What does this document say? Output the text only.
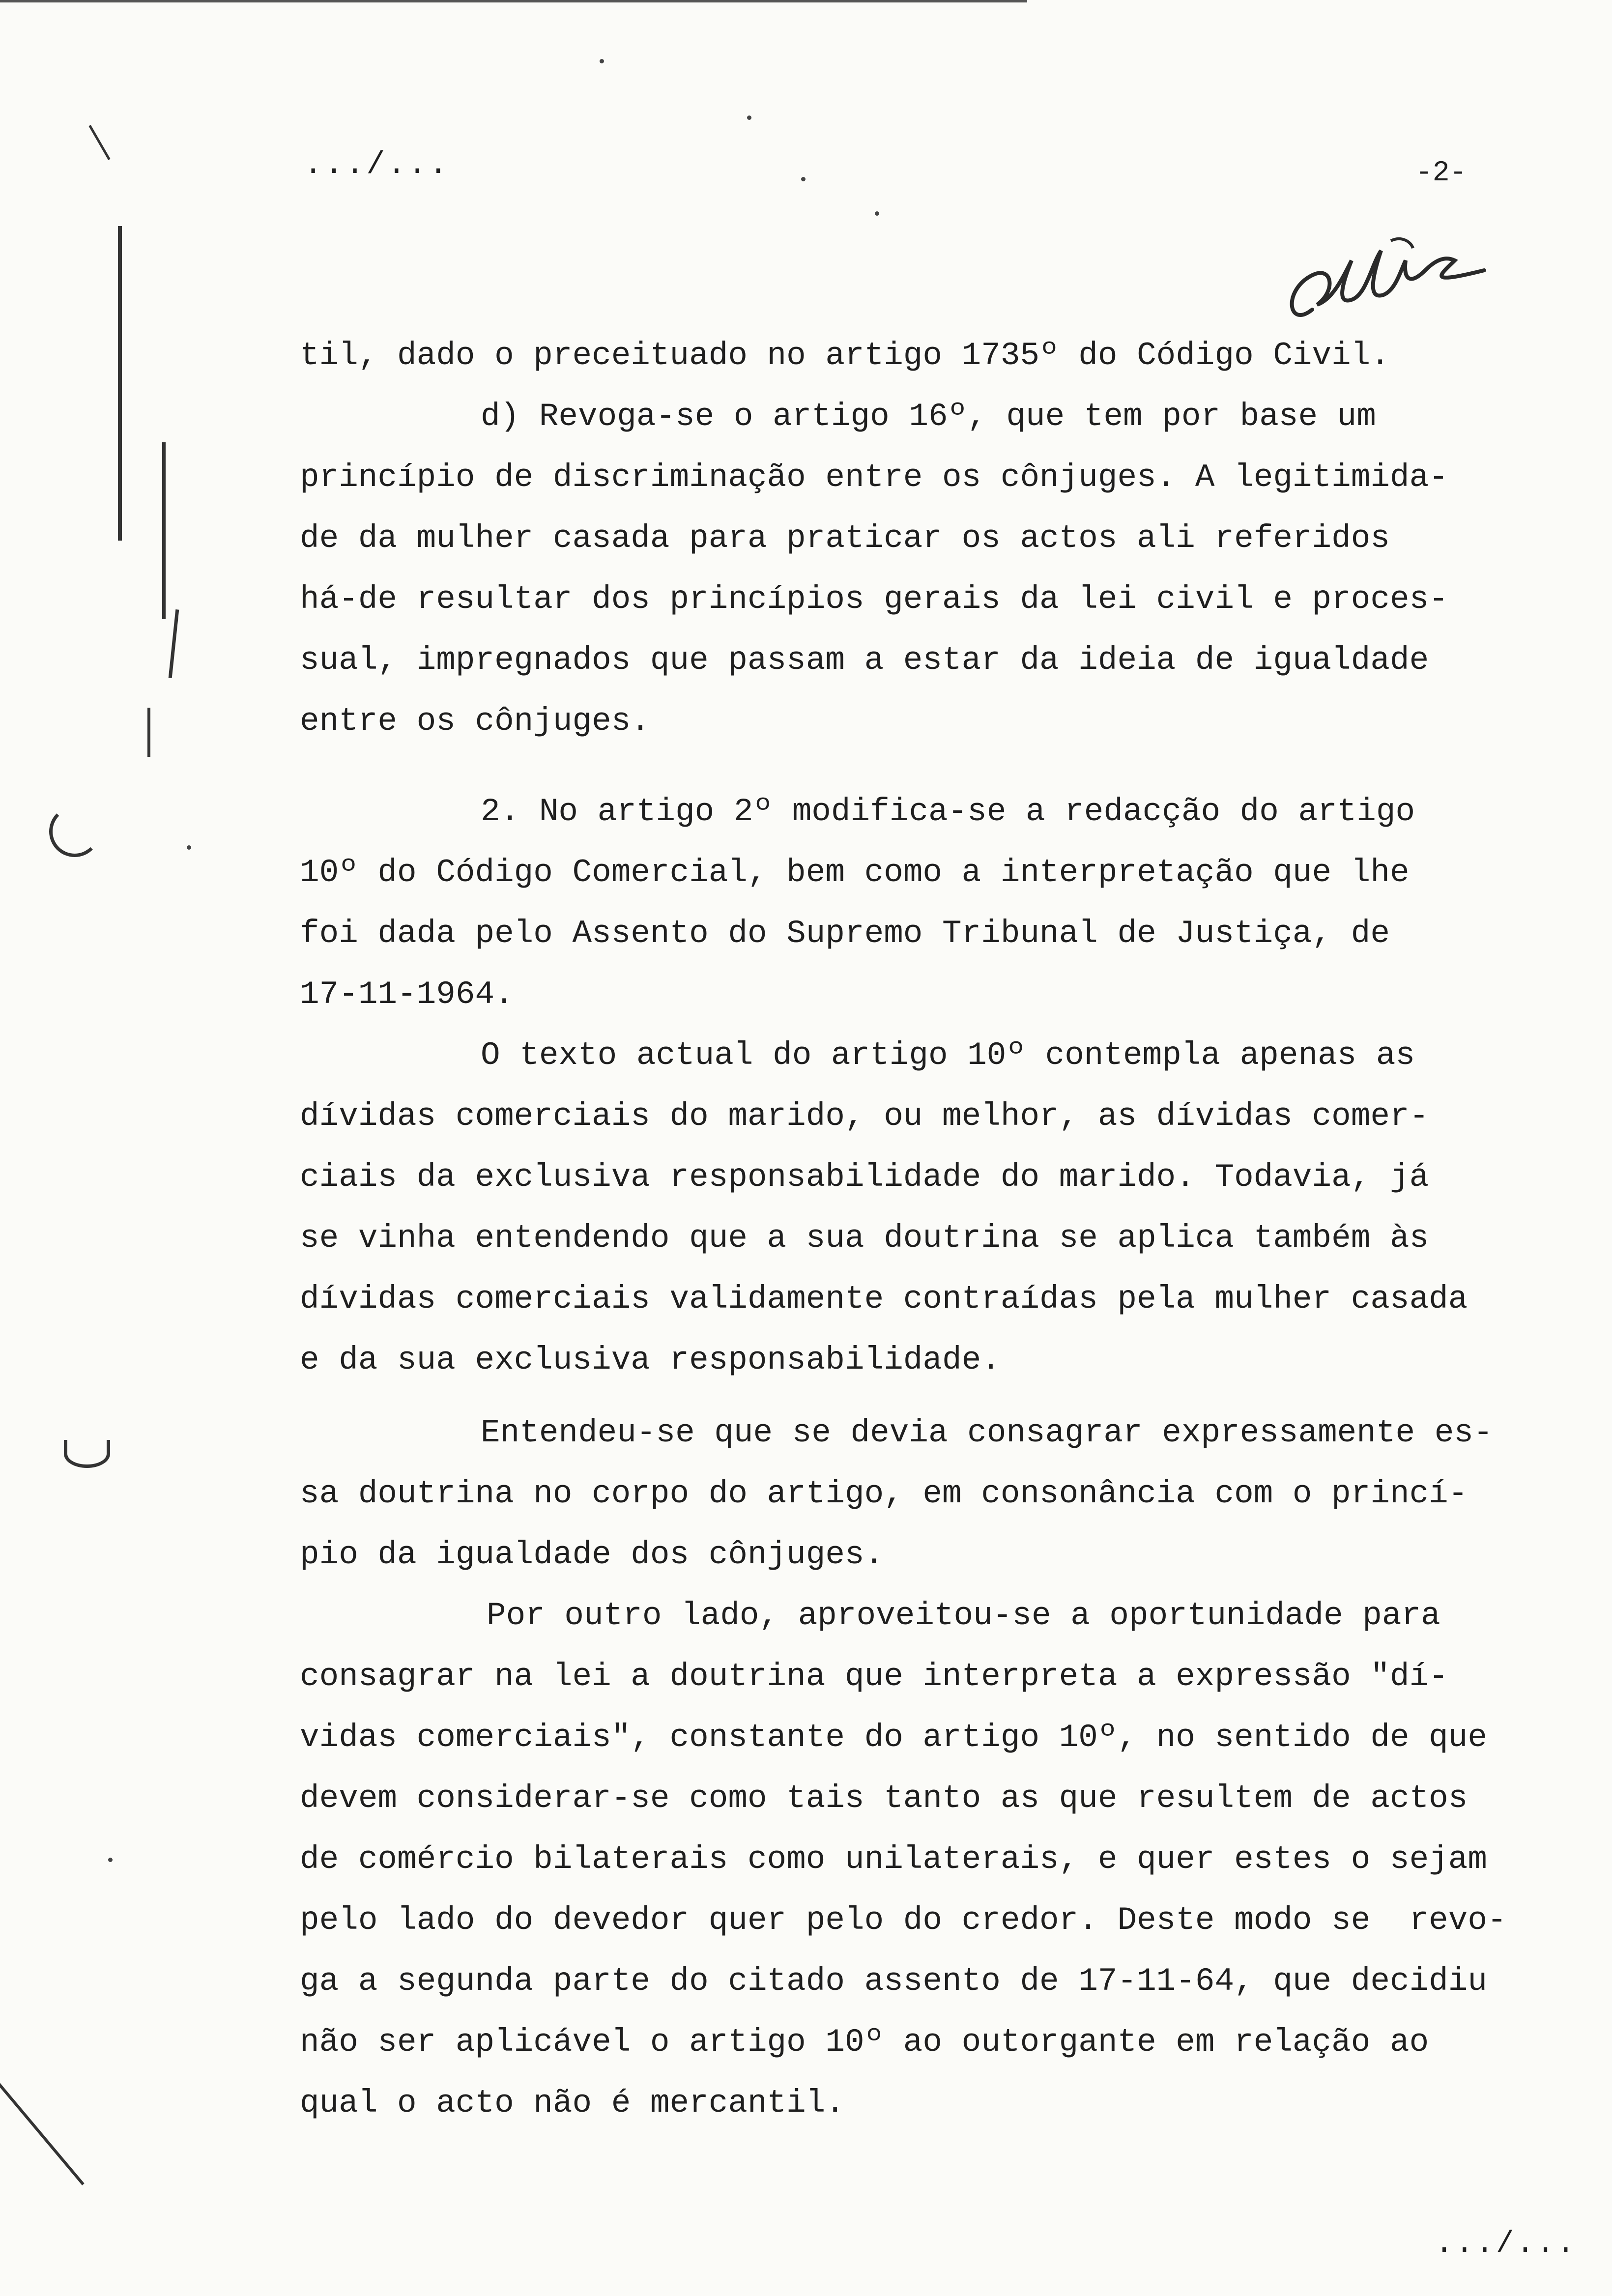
.../...	-2-
til, dado o preceituado no artigo 1735º do Código Civil.
d) Revoga-se o artigo 16º, que tem por base um
princípio de discriminação entre os cônjuges. A legitimida-
de da mulher casada para praticar os actos ali referidos
há-de resultar dos princípios gerais da lei civil e proces-
sual, impregnados que passam a estar da ideia de igualdade
entre os cônjuges.
2. No artigo 2º modifica-se a redacção do artigo
10º do Código Comercial, bem como a interpretação que lhe
foi dada pelo Assento do Supremo Tribunal de Justiça, de
17-11-1964.
O texto actual do artigo 10º contempla apenas as
dívidas comerciais do marido, ou melhor, as dívidas comer-
ciais da exclusiva responsabilidade do marido. Todavia, já
se vinha entendendo que a sua doutrina se aplica também às
dívidas comerciais validamente contraídas pela mulher casada
e da sua exclusiva responsabilidade.
Entendeu-se que se devia consagrar expressamente es-
sa doutrina no corpo do artigo, em consonância com o princí-
pio da igualdade dos cônjuges.
Por outro lado, aproveitou-se a oportunidade para
consagrar na lei a doutrina que interpreta a expressão "dí-
vidas comerciais", constante do artigo 10º, no sentido de que
devem considerar-se como tais tanto as que resultem de actos
de comércio bilaterais como unilaterais, e quer estes o sejam
pelo lado do devedor quer pelo do credor. Deste modo se  revo-
ga a segunda parte do citado assento de 17-11-64, que decidiu
não ser aplicável o artigo 10º ao outorgante em relação ao
qual o acto não é mercantil.
.../...
